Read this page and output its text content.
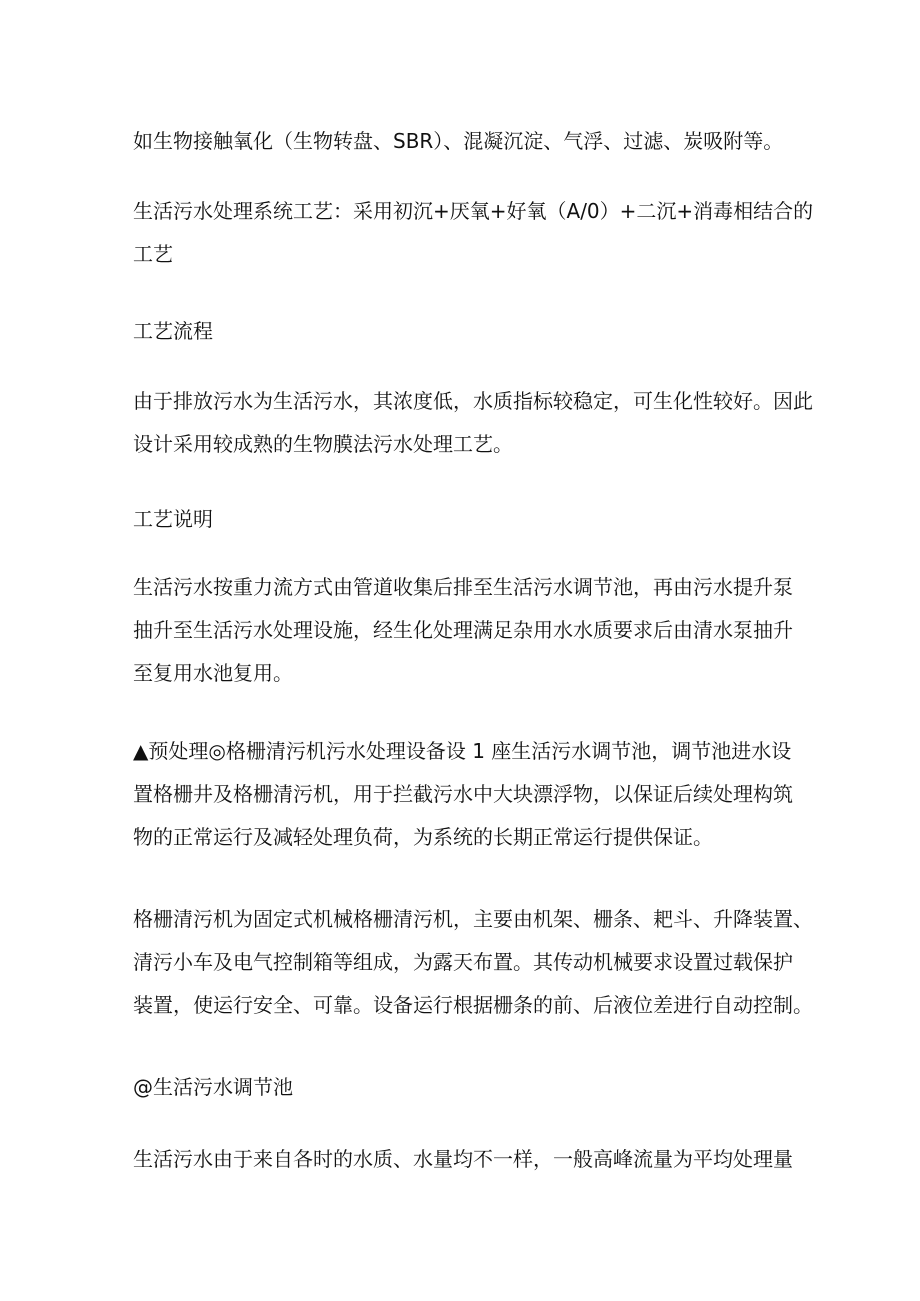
如生物接触氧化（生物转盘、SBR）、混凝沉淀、气浮、过滤、炭吸附等。

生活污水处理系统工艺：采用初沉+厌氧+好氧（A/0）+二沉+消毒相结合的
工艺

工艺流程

由于排放污水为生活污水，其浓度低，水质指标较稳定，可生化性较好。因此
设计采用较成熟的生物膜法污水处理工艺。

工艺说明

生活污水按重力流方式由管道收集后排至生活污水调节池，再由污水提升泵
抽升至生活污水处理设施，经生化处理满足杂用水水质要求后由清水泵抽升
至复用水池复用。

▲预处理◎格栅清污机污水处理设备设 1 座生活污水调节池，调节池进水设
置格栅井及格栅清污机，用于拦截污水中大块漂浮物，以保证后续处理构筑
物的正常运行及减轻处理负荷，为系统的长期正常运行提供保证。

格栅清污机为固定式机械格栅清污机，主要由机架、栅条、耙斗、升降装置、
清污小车及电气控制箱等组成，为露天布置。其传动机械要求设置过载保护
装置，使运行安全、可靠。设备运行根据栅条的前、后液位差进行自动控制。

@生活污水调节池

生活污水由于来自各时的水质、水量均不一样，一般高峰流量为平均处理量
